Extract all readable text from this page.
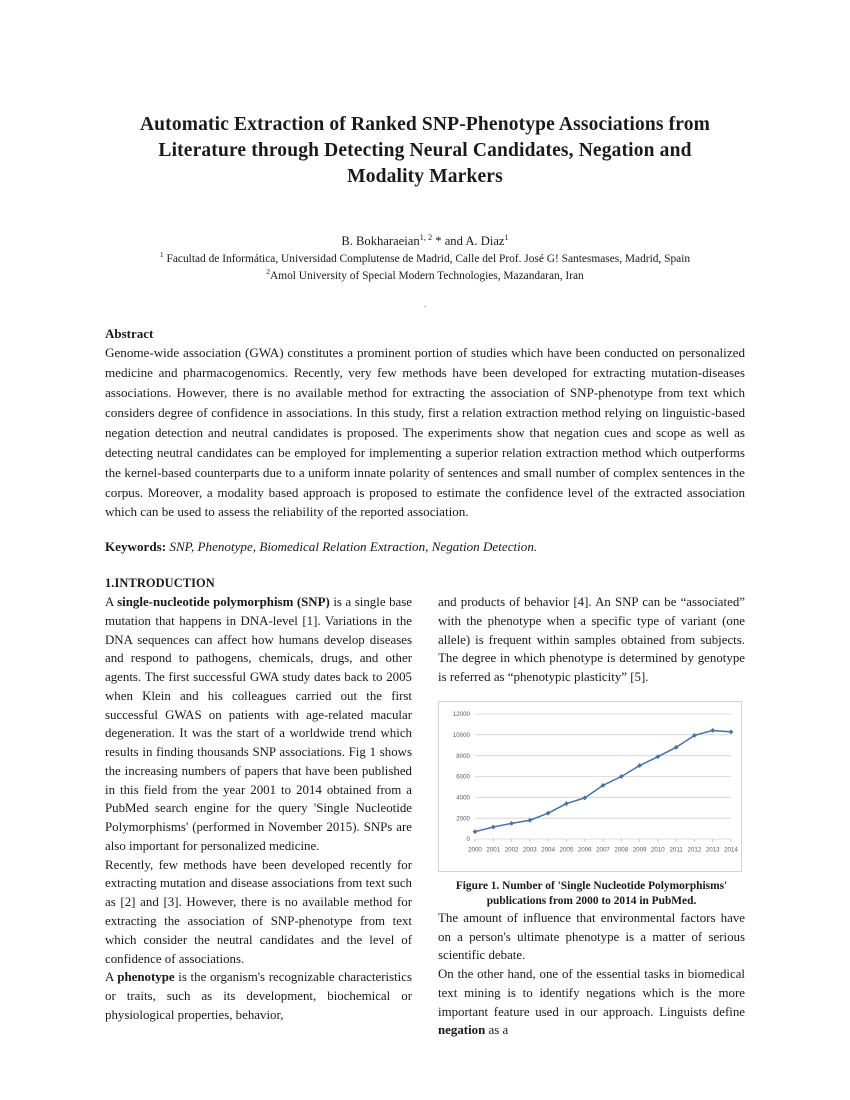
Automatic Extraction of Ranked SNP-Phenotype Associations from Literature through Detecting Neural Candidates, Negation and Modality Markers
B. Bokharaeian$^{1, 2}$ * and A. Diaz$^1$
$^1$ Facultad de Informática, Universidad Complutense de Madrid, Calle del Prof. José G! Santesmases, Madrid, Spain
$^2$Amol University of Special Modern Technologies, Mazandaran, Iran
.
Abstract
Genome-wide association (GWA) constitutes a prominent portion of studies which have been conducted on personalized medicine and pharmacogenomics. Recently, very few methods have been developed for extracting mutation-diseases associations. However, there is no available method for extracting the association of SNP-phenotype from text which considers degree of confidence in associations. In this study, first a relation extraction method relying on linguistic-based negation detection and neutral candidates is proposed. The experiments show that negation cues and scope as well as detecting neutral candidates can be employed for implementing a superior relation extraction method which outperforms the kernel-based counterparts due to a uniform innate polarity of sentences and small number of complex sentences in the corpus. Moreover, a modality based approach is proposed to estimate the confidence level of the extracted association which can be used to assess the reliability of the reported association.
Keywords: SNP, Phenotype, Biomedical Relation Extraction, Negation Detection.
1.INTRODUCTION

A single-nucleotide polymorphism (SNP) is a single base mutation that happens in DNA-level [1]. Variations in the DNA sequences can affect how humans develop diseases and respond to pathogens, chemicals, drugs, and other agents. The first successful GWA study dates back to 2005 when Klein and his colleagues carried out the first successful GWAS on patients with age-related macular degeneration. It was the start of a worldwide trend which results in finding thousands SNP associations. Fig 1 shows the increasing numbers of papers that have been published in this field from the year 2001 to 2014 obtained from a PubMed search engine for the query 'Single Nucleotide Polymorphisms' (performed in November 2015). SNPs are also important for personalized medicine.

Recently, few methods have been developed recently for extracting mutation and disease associations from text such as [2] and [3]. However, there is no available method for extracting the association of SNP-phenotype from text which consider the neutral candidates and the level of confidence of associations.

A phenotype is the organism's recognizable characteristics or traits, such as its development, biochemical or physiological properties, behavior,

and products of behavior [4]. An SNP can be “associated” with the phenotype when a specific type of variant (one allele) is frequent within samples obtained from subjects. The degree in which phenotype is determined by genotype is referred as “phenotypic plasticity” [5].

0
2000
4000
6000
8000
10000
12000
2000 2001 2002 2003 2004 2005 2006 2007 2008 2009 2010 2011 2012 2013 2014
Figure 1. Number of 'Single Nucleotide Polymorphisms'
publications from 2000 to 2014 in PubMed.

The amount of influence that environmental factors have on a person's ultimate phenotype is a matter of serious scientific debate.

On the other hand, one of the essential tasks in biomedical text mining is to identify negations which is the more important feature used in our approach. Linguists define negation as a
